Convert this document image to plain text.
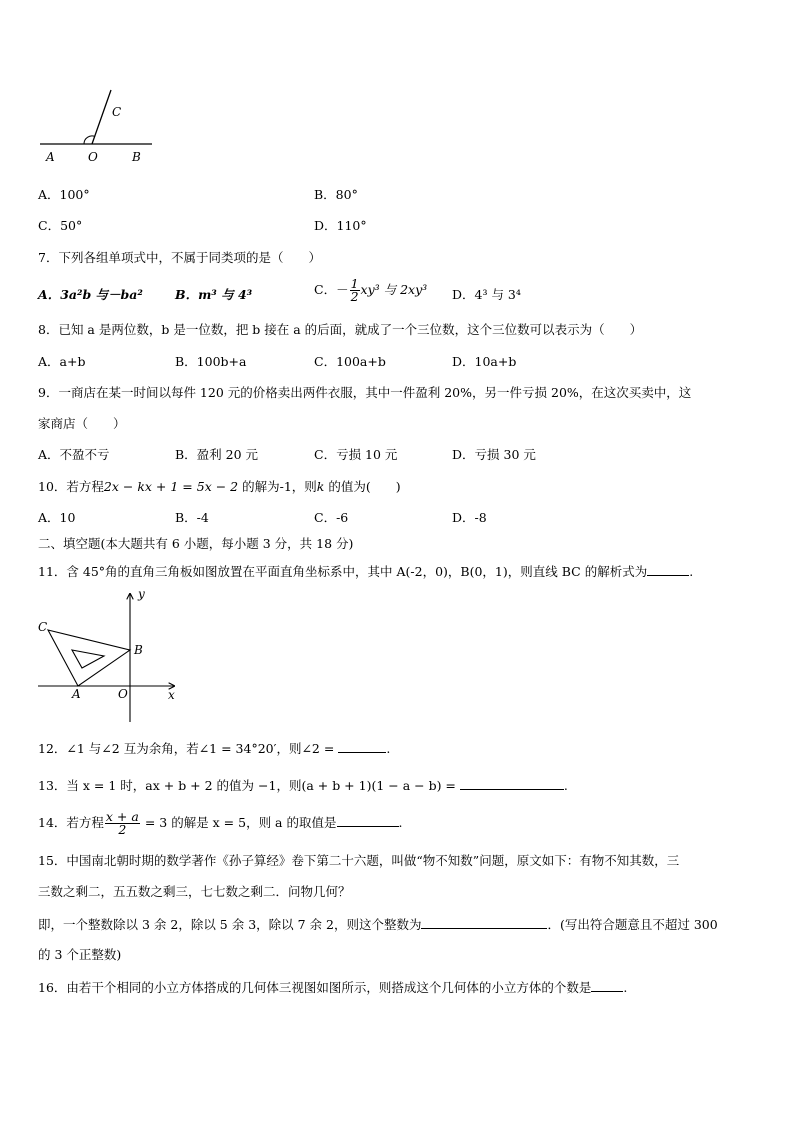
C
A	O	B
A．100°	B．80°
C．50°	D．110°
7．下列各组单项式中，不属于同类项的是（　　）
A．3a²b 与－ba²	B．m³ 与 4³	C．－ $\frac{1}{2} xy^3$ 与 2xy³ D．4³ 与 3⁴
8．已知 a 是两位数，b 是一位数，把 b 接在 a 的后面，就成了一个三位数，这个三位数可以表示为（　　）
A．a+b	B．100b+a	C．100a+b	D．10a+b
9．一商店在某一时间以每件 120 元的价格卖出两件衣服，其中一件盈利 20%，另一件亏损 20%，在这次买卖中，这
家商店（　　）
A．不盈不亏	B．盈利 20 元	C．亏损 10 元	D．亏损 30 元
10．若方程2x − kx + 1 = 5x − 2 的解为-1，则k 的值为(　　)
A．10	B．-4	C．-6	D．-8
二、填空题(本大题共有 6 小题，每小题 3 分，共 18 分)
11．含 45°角的直角三角板如图放置在平面直角坐标系中，其中 A(-2，0)，B(0，1)，则直线 BC 的解析式为	.
y
x
C
B
A	O
12．∠1 与∠2 互为余角，若∠1 = 34°20′，则∠2 =	.
13．当 x = 1 时，ax + b + 2 的值为 −1，则(a + b + 1)(1 − a − b) =	.
14．若方程 $\frac{x + a}{2} = 3$ 的解是 x = 5，则 a 的取值是	.
15．中国南北朝时期的数学著作《孙子算经》卷下第二十六题，叫做“物不知数”问题，原文如下：有物不知其数，三
三数之剩二，五五数之剩三，七七数之剩二．问物几何？
即，一个整数除以 3 余 2，除以 5 余 3，除以 7 余 2，则这个整数为	．(写出符合题意且不超过 300
的 3 个正整数)
16．由若干个相同的小立方体搭成的几何体三视图如图所示，则搭成这个几何体的小立方体的个数是	.
